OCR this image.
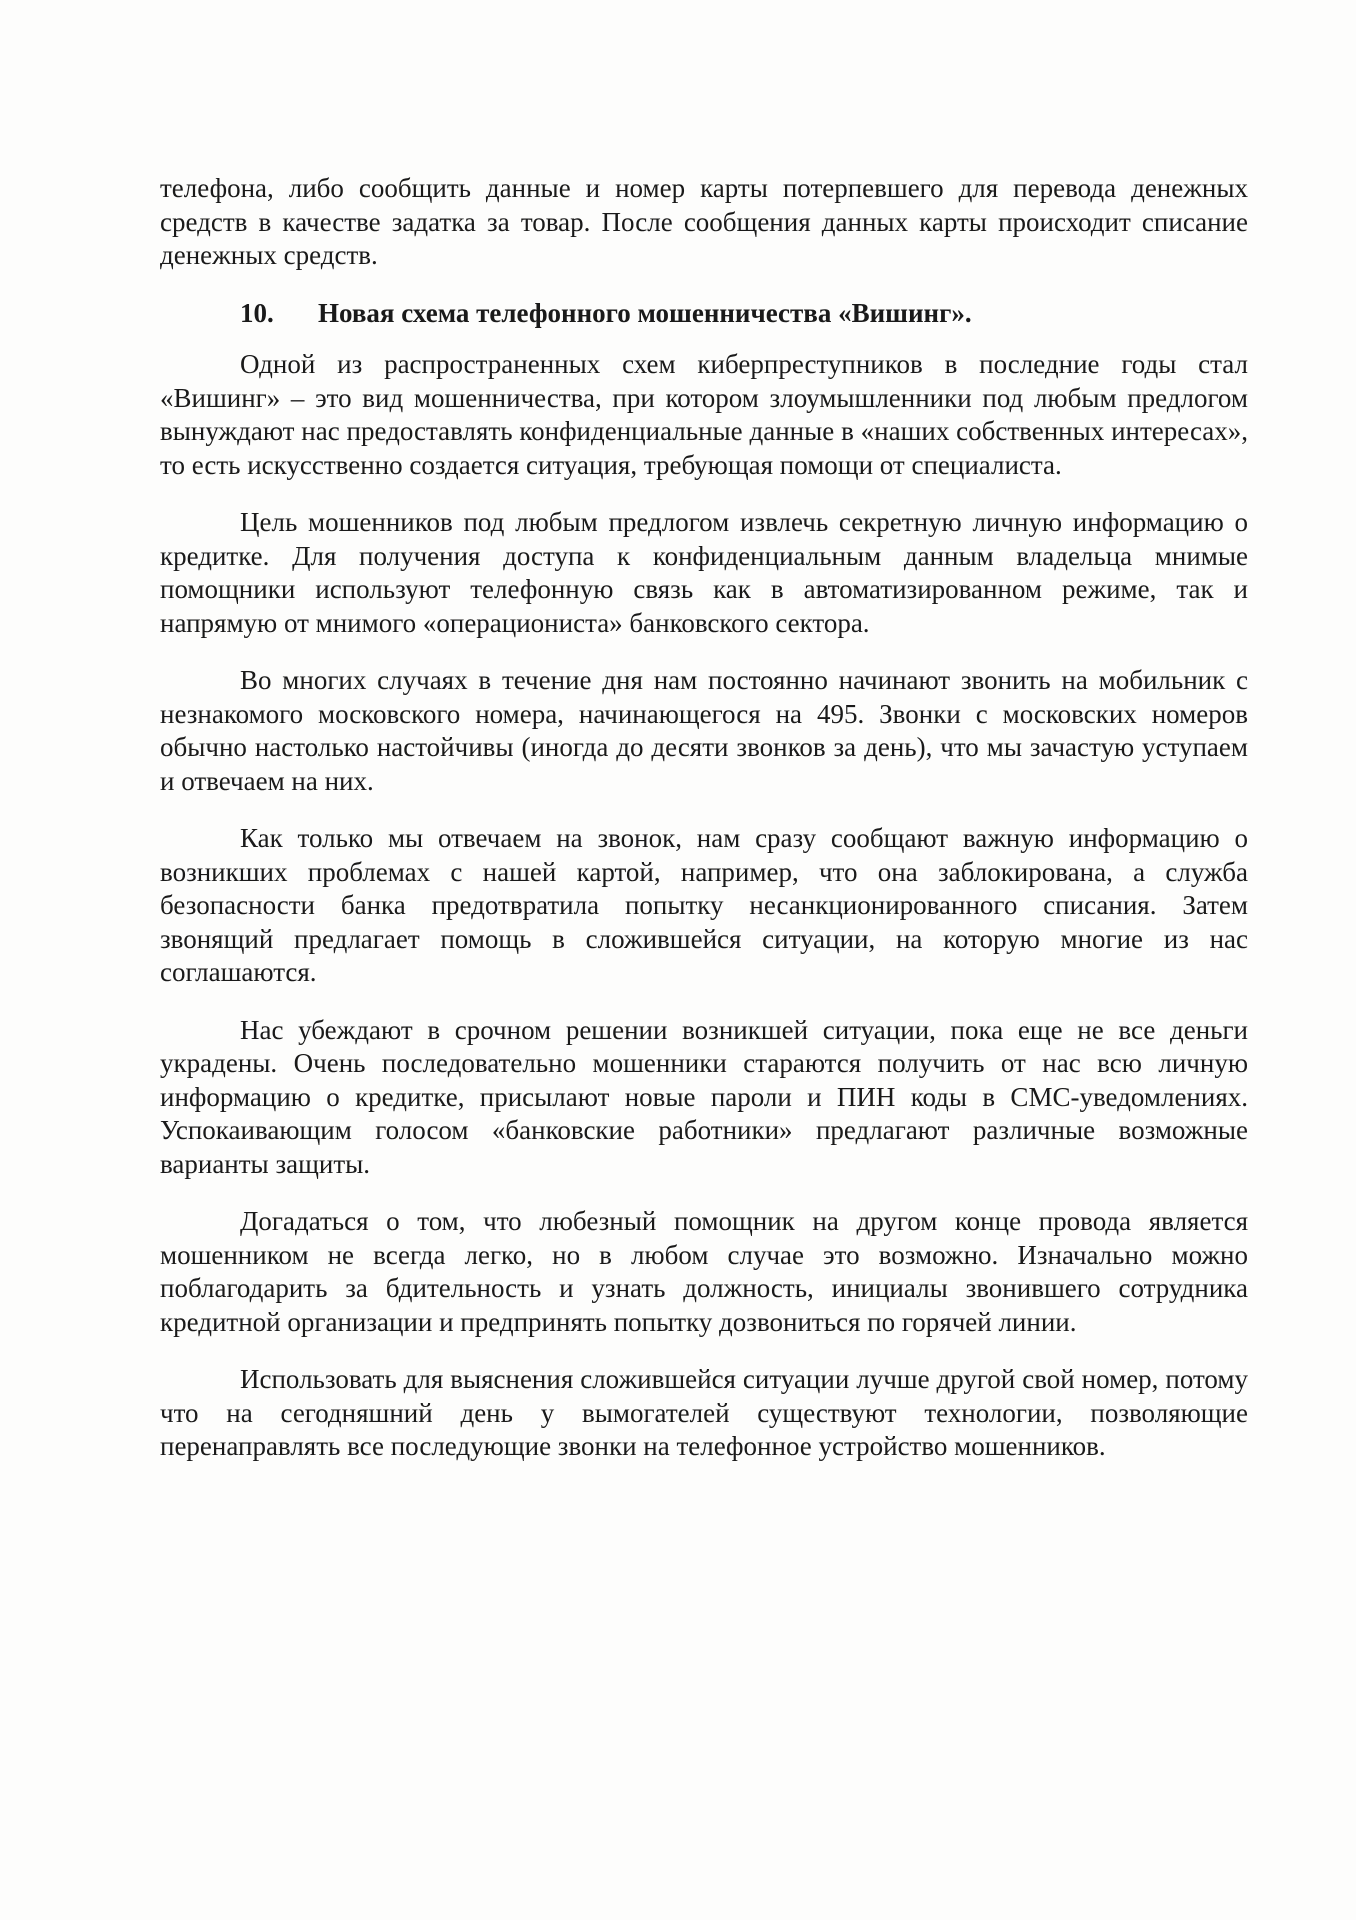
телефона, либо сообщить данные и номер карты потерпевшего для перевода денежных средств в качестве задатка за товар. После сообщения данных карты происходит списание денежных средств.

10. Новая схема телефонного мошенничества «Вишинг».

Одной из распространенных схем киберпреступников в последние годы стал «Вишинг» – это вид мошенничества, при котором злоумышленники под любым предлогом вынуждают нас предоставлять конфиденциальные данные в «наших собственных интересах», то есть искусственно создается ситуация, требующая помощи от специалиста.

Цель мошенников под любым предлогом извлечь секретную личную информацию о кредитке. Для получения доступа к конфиденциальным данным владельца мнимые помощники используют телефонную связь как в автоматизированном режиме, так и напрямую от мнимого «операциониста» банковского сектора.

Во многих случаях в течение дня нам постоянно начинают звонить на мобильник с незнакомого московского номера, начинающегося на 495. Звонки с московских номеров обычно настолько настойчивы (иногда до десяти звонков за день), что мы зачастую уступаем и отвечаем на них.

Как только мы отвечаем на звонок, нам сразу сообщают важную информацию о возникших проблемах с нашей картой, например, что она заблокирована, а служба безопасности банка предотвратила попытку несанкционированного списания. Затем звонящий предлагает помощь в сложившейся ситуации, на которую многие из нас соглашаются.

Нас убеждают в срочном решении возникшей ситуации, пока еще не все деньги украдены. Очень последовательно мошенники стараются получить от нас всю личную информацию о кредитке, присылают новые пароли и ПИН коды в СМС-уведомлениях. Успокаивающим голосом «банковские работники» предлагают различные возможные варианты защиты.

Догадаться о том, что любезный помощник на другом конце провода является мошенником не всегда легко, но в любом случае это возможно. Изначально можно поблагодарить за бдительность и узнать должность, инициалы звонившего сотрудника кредитной организации и предпринять попытку дозвониться по горячей линии.

Использовать для выяснения сложившейся ситуации лучше другой свой номер, потому что на сегодняшний день у вымогателей существуют технологии, позволяющие перенаправлять все последующие звонки на телефонное устройство мошенников.
